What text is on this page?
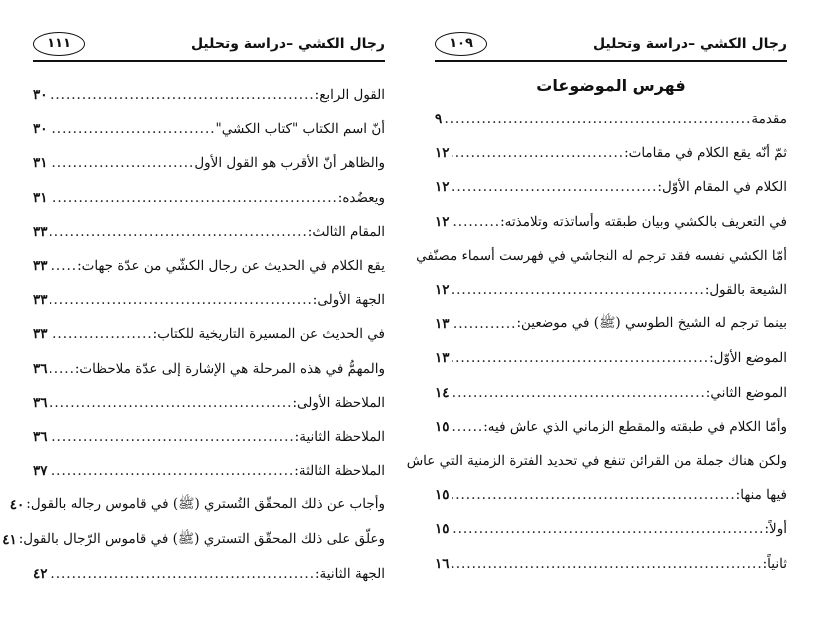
رجال الكشي –دراسة وتحليل
١٠٩
فهرس الموضوعات
مقدمة
.....
٩
ثمّ أنّه يقع الكلام في مقامات:
.....
١٢
الكلام في المقام الأوّل:
.....
١٢
في التعريف بالكشي وبيان طبقته وأساتذته وتلامذته:
.....
١٢
أمّا الكشي نفسه فقد ترجم له النجاشي في فهرست أسماء مصنّفي
الشيعة بالقول:
.....
١٢
بينما ترجم له الشيخ الطوسي (ﷺ) في موضعين:
.....
١٣
الموضع الأوّل:
.....
١٣
الموضع الثاني:
.....
١٤
وأمّا الكلام في طبقته والمقطع الزماني الذي عاش فيه:
.....
١٥
ولكن هناك جملة من القرائن تنفع في تحديد الفترة الزمنية التي عاش
فيها منها:
.....
١٥
أولاً:
.....
١٥
ثانياً:
.....
١٦
رجال الكشي –دراسة وتحليل
١١١
القول الرابع:
.....
٣٠
أنّ اسم الكتاب "كتاب الكشي"
.....
٣٠
والظاهر أنّ الأقرب هو القول الأول
.....
٣١
ويعضُده:
.....
٣١
المقام الثالث:
.....
٣٣
يقع الكلام في الحديث عن رجال الكشّي من عدّة جهات:
.....
٣٣
الجهة الأولى:
.....
٣٣
في الحديث عن المسيرة التاريخية للكتاب:
.....
٣٣
والمهمُّ في هذه المرحلة هي الإشارة إلى عدّة ملاحظات:
.....
٣٦
الملاحظة الأولى:
.....
٣٦
الملاحظة الثانية:
.....
٣٦
الملاحظة الثالثة:
.....
٣٧
وأجاب عن ذلك المحقّق التُستري (ﷺ) في قاموس رجاله بالقول:
٤٠
وعلّق على ذلك المحقّق التستري (ﷺ) في قاموس الرّجال بالقول:
٤١
الجهة الثانية:
.....
٤٢
